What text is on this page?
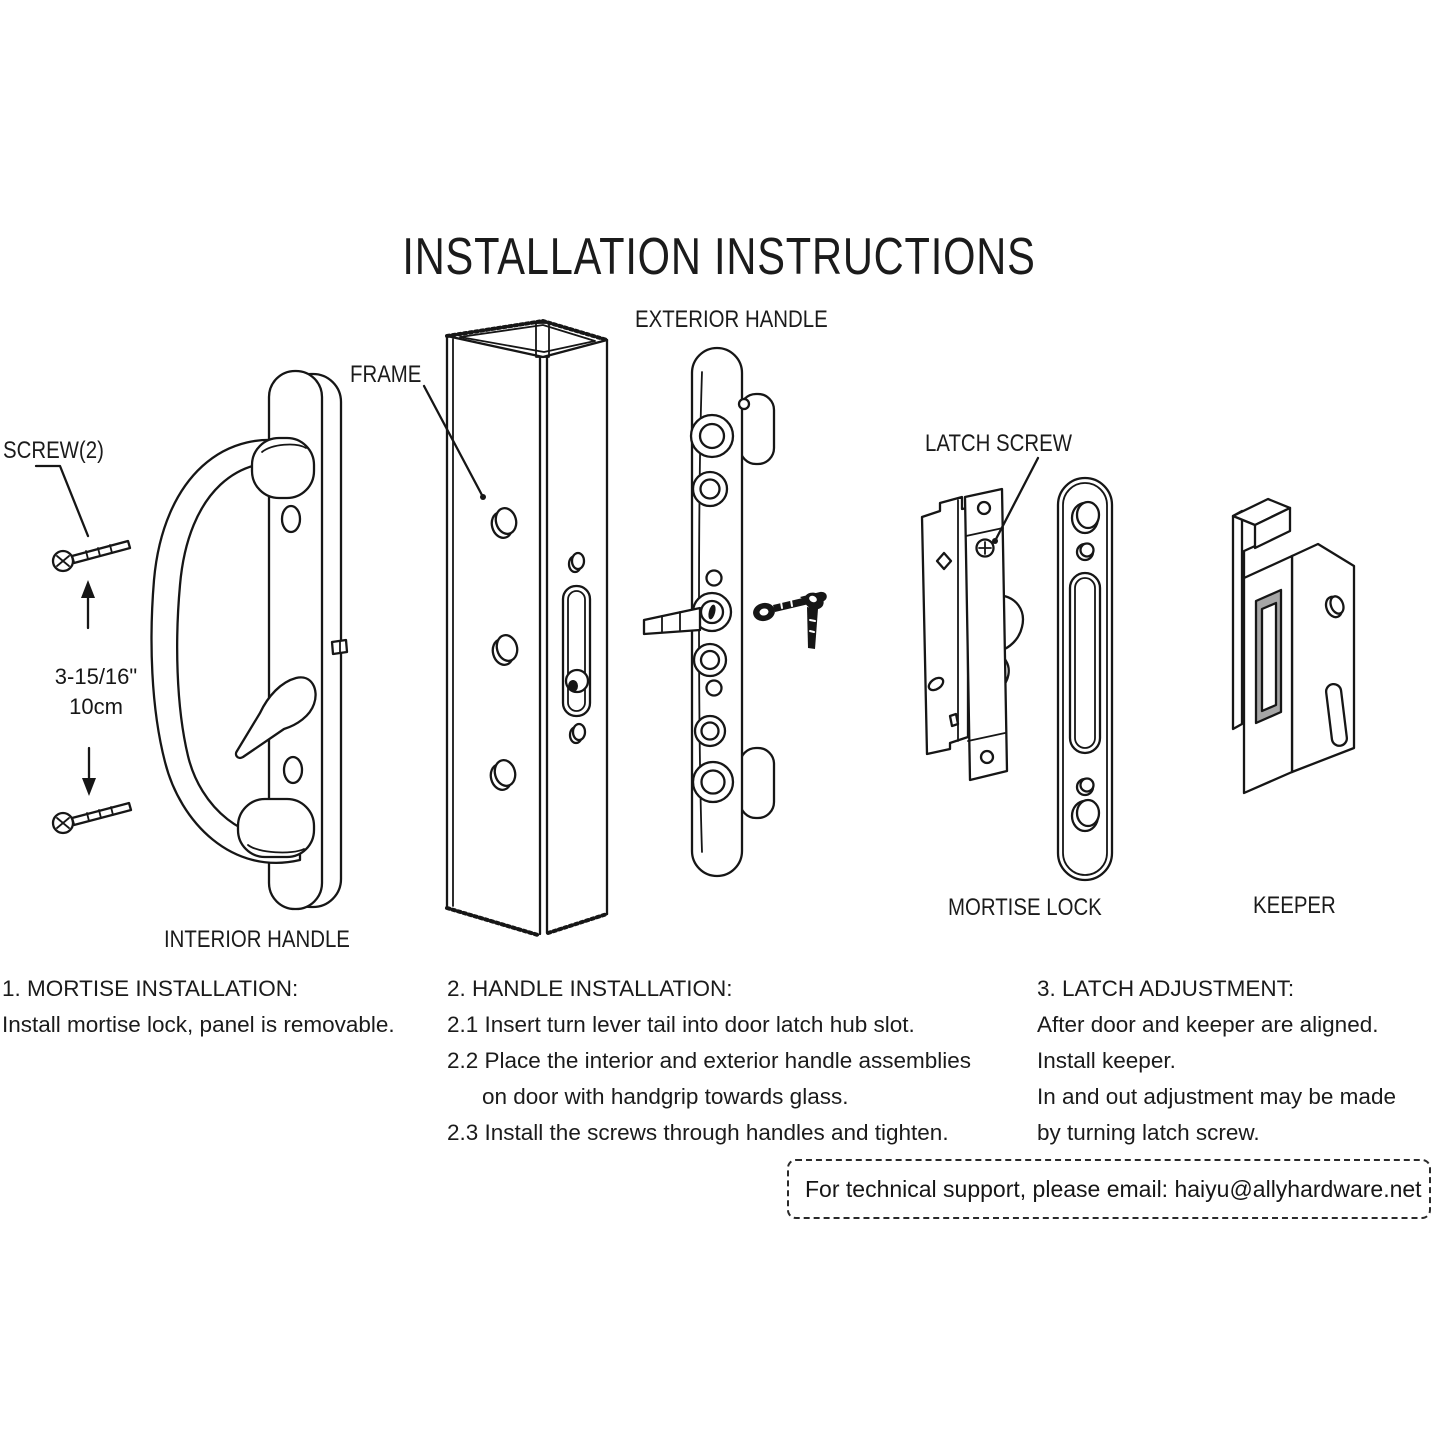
INSTALLATION INSTRUCTIONS
EXTERIOR HANDLE
FRAME
SCREW(2)	LATCH SCREW
INTERIOR HANDLE
MORTISE LOCK	KEEPER
3-15/16"
10cm
1. MORTISE INSTALLATION:
Install mortise lock, panel is removable.
2. HANDLE INSTALLATION:
2.1 Insert turn lever tail into door latch hub slot.
2.2 Place the interior and exterior handle assemblies
on door with handgrip towards glass.
2.3 Install the screws through handles and tighten.
3. LATCH ADJUSTMENT:
After door and keeper are aligned.
Install keeper.
In and out adjustment may be made
by turning latch screw.
For technical support, please email: haiyu@allyhardware.net
